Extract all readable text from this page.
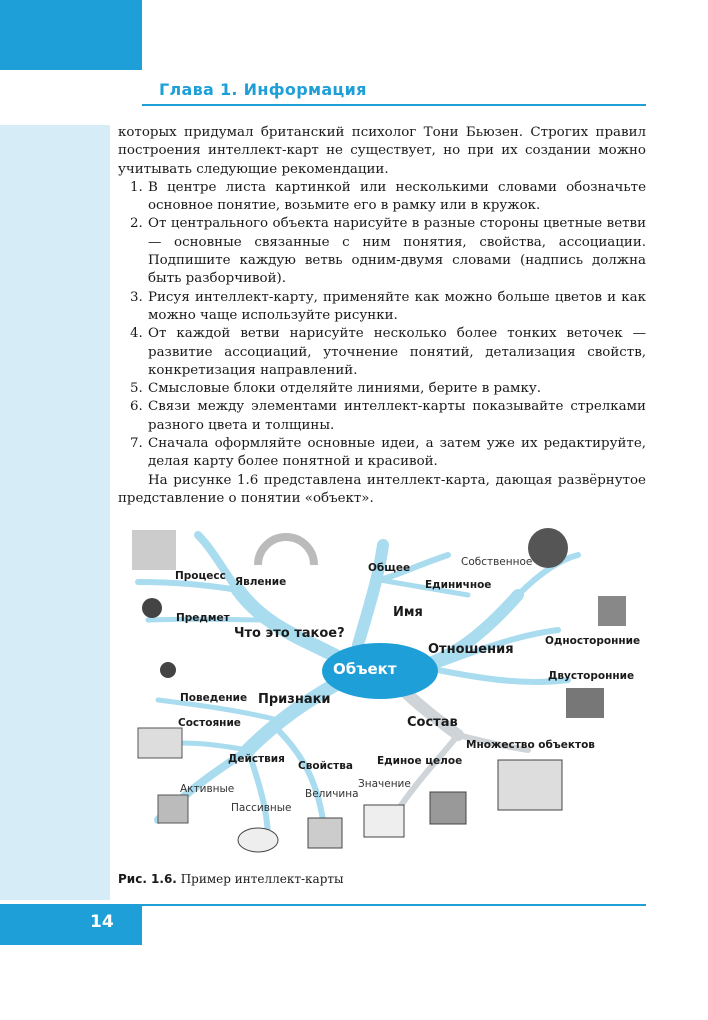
Глава 1. Информация

которых придумал британский психолог Тони Бьюзен. Строгих правил построения интеллект-карт не существует, но при их создании можно учитывать следующие рекомендации.

1. В центре листа картинкой или несколькими словами обозначьте основное понятие, возьмите его в рамку или в кружок.
2. От центрального объекта нарисуйте в разные стороны цветные ветви — основные связанные с ним понятия, свойства, ассоциации. Подпишите каждую ветвь одним-двумя словами (надпись должна быть разборчивой).
3. Рисуя интеллект-карту, применяйте как можно больше цветов и как можно чаще используйте рисунки.
4. От каждой ветви нарисуйте несколько более тонких веточек — развитие ассоциаций, уточнение понятий, детализация свойств, конкретизация направлений.
5. Смысловые блоки отделяйте линиями, берите в рамку.
6. Связи между элементами интеллект-карты показывайте стрелками разного цвета и толщины.
7. Сначала оформляйте основные идеи, а затем уже их редактируйте, делая карту более понятной и красивой.

На рисунке 1.6 представлена интеллект-карта, дающая развёрнутое представление о понятии «объект».

Объект
Процесс Явление
Общее	Собственное
Единичное
Предмет	Имя
Что это такое?
Отношения
Односторонние
Двусторонние
Поведение Признаки
Состояние	Состав
Множество объектов
Действия
Свойства Единое целое
Активные	Значение
Величина
Пассивные
Рис. 1.6. Пример интеллект-карты
14
